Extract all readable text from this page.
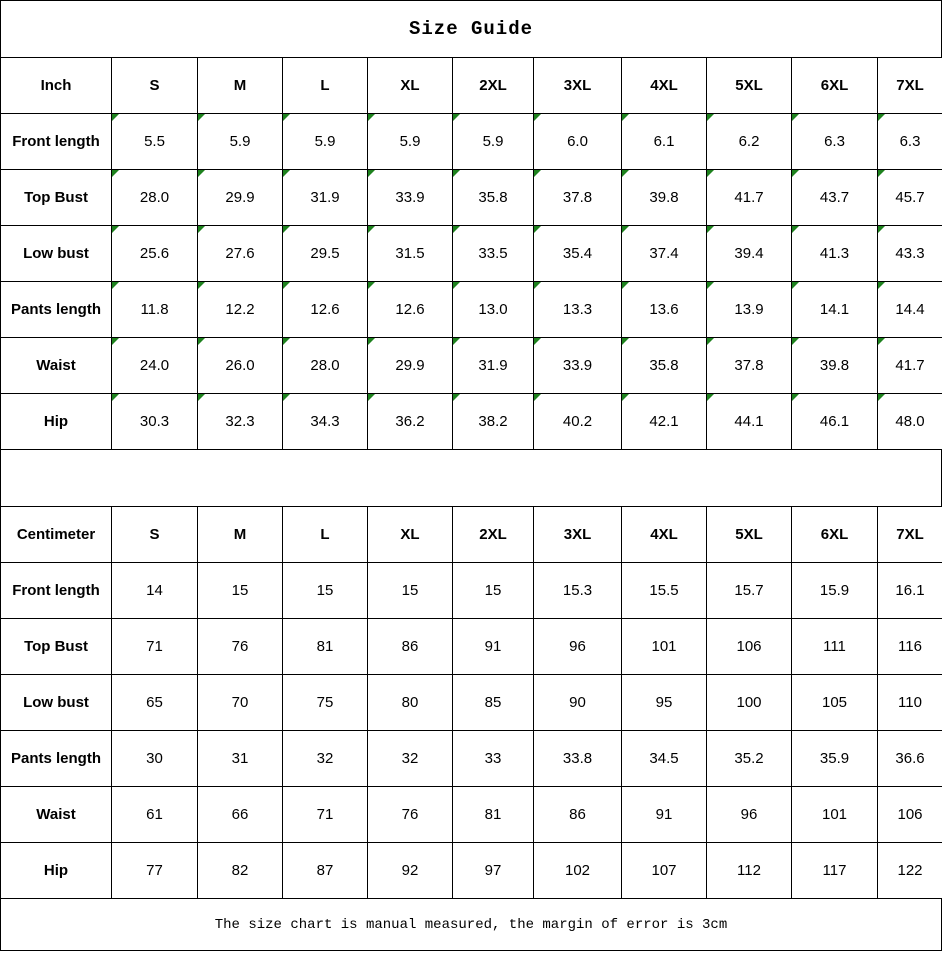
Size Guide
Inch	S	M	L	XL	2XL	3XL	4XL	5XL	6XL	7XL
Front length	5.5	5.9	5.9	5.9	5.9	6.0	6.1	6.2	6.3	6.3
Top Bust	28.0	29.9	31.9	33.9	35.8	37.8	39.8	41.7	43.7	45.7
Low bust	25.6	27.6	29.5	31.5	33.5	35.4	37.4	39.4	41.3	43.3
Pants length	11.8	12.2	12.6	12.6	13.0	13.3	13.6	13.9	14.1	14.4
Waist	24.0	26.0	28.0	29.9	31.9	33.9	35.8	37.8	39.8	41.7
Hip	30.3	32.3	34.3	36.2	38.2	40.2	42.1	44.1	46.1	48.0
Centimeter	S	M	L	XL	2XL	3XL	4XL	5XL	6XL	7XL
Front length	14	15	15	15	15	15.3	15.5	15.7	15.9	16.1
Top Bust	71	76	81	86	91	96	101	106	111	116
Low bust	65	70	75	80	85	90	95	100	105	110
Pants length	30	31	32	32	33	33.8	34.5	35.2	35.9	36.6
Waist	61	66	71	76	81	86	91	96	101	106
Hip	77	82	87	92	97	102	107	112	117	122
The size chart is manual measured, the margin of error is 3cm
